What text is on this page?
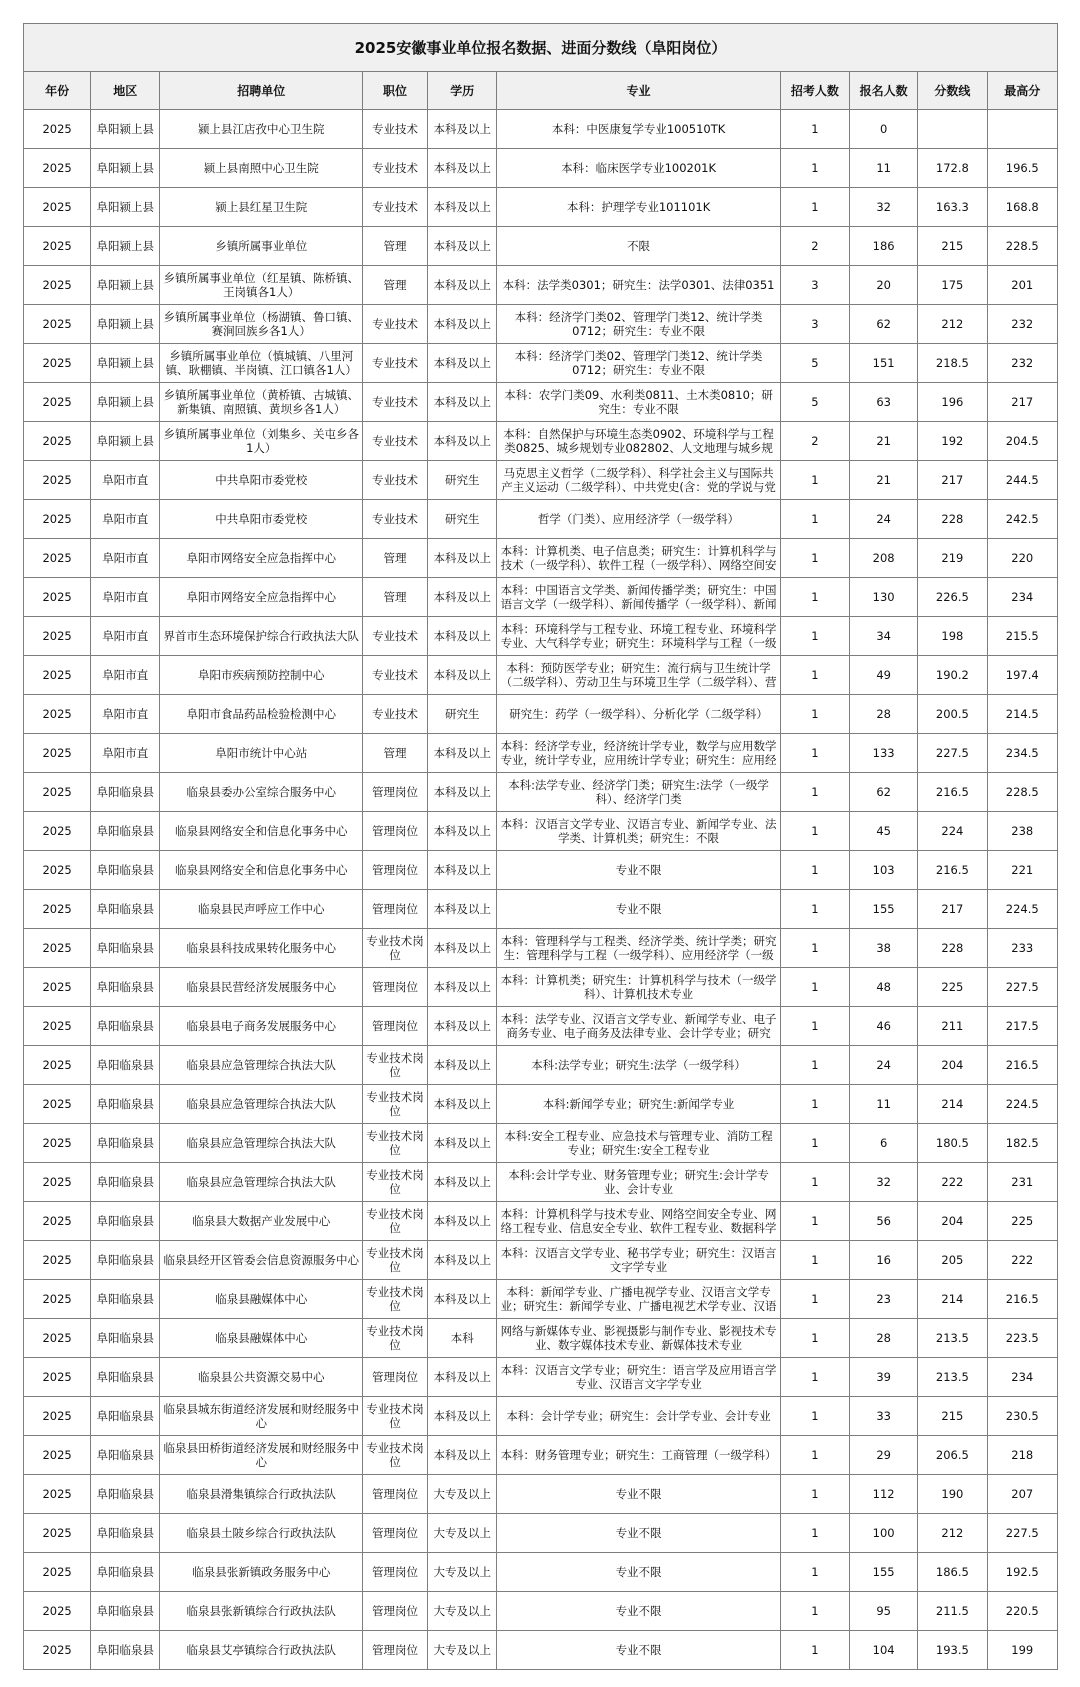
2025安徽事业单位报名数据、进面分数线（阜阳岗位）									
年份	地区	招聘单位	职位	学历	专业	招考人数	报名人数	分数线	最高分

2025	阜阳颍上县	颍上县江店孜中心卫生院	专业技术	本科及以上	本科：中医康复学专业100510TK	1	0		

2025	阜阳颍上县	颍上县南照中心卫生院	专业技术	本科及以上	本科：临床医学专业100201K	1	11	172.8	196.5

2025	阜阳颍上县	颍上县红星卫生院	专业技术	本科及以上	本科：护理学专业101101K	1	32	163.3	168.8

2025	阜阳颍上县	乡镇所属事业单位	管理	本科及以上	不限	2	186	215	228.5

2025	阜阳颍上县	乡镇所属事业单位（红星镇、陈桥镇、王岗镇各1人）	管理	本科及以上	本科：法学类0301；研究生：法学0301、法律0351	3	20	175	201

2025	阜阳颍上县	乡镇所属事业单位（杨湖镇、鲁口镇、赛涧回族乡各1人）	专业技术	本科及以上	本科：经济学门类02、管理学门类12、统计学类0712；研究生：专业不限	3	62	212	232

2025	阜阳颍上县	乡镇所属事业单位（慎城镇、八里河镇、耿棚镇、半岗镇、江口镇各1人）	专业技术	本科及以上	本科：经济学门类02、管理学门类12、统计学类0712；研究生：专业不限	5	151	218.5	232

2025	阜阳颍上县	乡镇所属事业单位（黄桥镇、古城镇、新集镇、南照镇、黄坝乡各1人）	专业技术	本科及以上	本科：农学门类09、水利类0811、土木类0810；研究生：专业不限	5	63	196	217

2025	阜阳颍上县	乡镇所属事业单位（刘集乡、关屯乡各1人）	专业技术	本科及以上	本科：自然保护与环境生态类0902、环境科学与工程类0825、城乡规划专业082802、人文地理与城乡规	2	21	192	204.5

2025	阜阳市直	中共阜阳市委党校	专业技术	研究生	马克思主义哲学（二级学科）、科学社会主义与国际共产主义运动（二级学科）、中共党史(含：党的学说与党	1	21	217	244.5

2025	阜阳市直	中共阜阳市委党校	专业技术	研究生	哲学（门类）、应用经济学（一级学科）	1	24	228	242.5

2025	阜阳市直	阜阳市网络安全应急指挥中心	管理	本科及以上	本科：计算机类、电子信息类；研究生：计算机科学与技术（一级学科）、软件工程（一级学科）、网络空间安	1	208	219	220

2025	阜阳市直	阜阳市网络安全应急指挥中心	管理	本科及以上	本科：中国语言文学类、新闻传播学类；研究生：中国语言文学（一级学科）、新闻传播学（一级学科）、新闻	1	130	226.5	234

2025	阜阳市直	界首市生态环境保护综合行政执法大队	专业技术	本科及以上	本科：环境科学与工程专业、环境工程专业、环境科学专业、大气科学专业；研究生：环境科学与工程（一级	1	34	198	215.5

2025	阜阳市直	阜阳市疾病预防控制中心	专业技术	本科及以上	本科：预防医学专业；研究生：流行病与卫生统计学（二级学科）、劳动卫生与环境卫生学（二级学科）、营	1	49	190.2	197.4

2025	阜阳市直	阜阳市食品药品检验检测中心	专业技术	研究生	研究生：药学（一级学科）、分析化学（二级学科）	1	28	200.5	214.5

2025	阜阳市直	阜阳市统计中心站	管理	本科及以上	本科：经济学专业，经济统计学专业，数学与应用数学专业，统计学专业，应用统计学专业；研究生：应用经	1	133	227.5	234.5

2025	阜阳临泉县	临泉县委办公室综合服务中心	管理岗位	本科及以上	本科:法学专业、经济学门类；研究生:法学（一级学科）、经济学门类	1	62	216.5	228.5

2025	阜阳临泉县	临泉县网络安全和信息化事务中心	管理岗位	本科及以上	本科：汉语言文学专业、汉语言专业、新闻学专业、法学类、计算机类；研究生：不限	1	45	224	238

2025	阜阳临泉县	临泉县网络安全和信息化事务中心	管理岗位	本科及以上	专业不限	1	103	216.5	221

2025	阜阳临泉县	临泉县民声呼应工作中心	管理岗位	本科及以上	专业不限	1	155	217	224.5

2025	阜阳临泉县	临泉县科技成果转化服务中心	专业技术岗位	本科及以上	本科：管理科学与工程类、经济学类、统计学类；研究生：管理科学与工程（一级学科）、应用经济学（一级	1	38	228	233

2025	阜阳临泉县	临泉县民营经济发展服务中心	管理岗位	本科及以上	本科：计算机类；研究生：计算机科学与技术（一级学科）、计算机技术专业	1	48	225	227.5

2025	阜阳临泉县	临泉县电子商务发展服务中心	管理岗位	本科及以上	本科：法学专业、汉语言文学专业、新闻学专业、电子商务专业、电子商务及法律专业、会计学专业；研究	1	46	211	217.5

2025	阜阳临泉县	临泉县应急管理综合执法大队	专业技术岗位	本科及以上	本科:法学专业；研究生:法学（一级学科）	1	24	204	216.5

2025	阜阳临泉县	临泉县应急管理综合执法大队	专业技术岗位	本科及以上	本科:新闻学专业；研究生:新闻学专业	1	11	214	224.5

2025	阜阳临泉县	临泉县应急管理综合执法大队	专业技术岗位	本科及以上	本科:安全工程专业、应急技术与管理专业、消防工程专业；研究生:安全工程专业	1	6	180.5	182.5

2025	阜阳临泉县	临泉县应急管理综合执法大队	专业技术岗位	本科及以上	本科:会计学专业、财务管理专业；研究生:会计学专业、会计专业	1	32	222	231

2025	阜阳临泉县	临泉县大数据产业发展中心	专业技术岗位	本科及以上	本科：计算机科学与技术专业、网络空间安全专业、网络工程专业、信息安全专业、软件工程专业、数据科学	1	56	204	225

2025	阜阳临泉县	临泉县经开区管委会信息资源服务中心	专业技术岗位	本科及以上	本科：汉语言文学专业、秘书学专业；研究生：汉语言文字学专业	1	16	205	222

2025	阜阳临泉县	临泉县融媒体中心	专业技术岗位	本科及以上	本科：新闻学专业、广播电视学专业、汉语言文学专业；研究生：新闻学专业、广播电视艺术学专业、汉语	1	23	214	216.5

2025	阜阳临泉县	临泉县融媒体中心	专业技术岗位	本科	网络与新媒体专业、影视摄影与制作专业、影视技术专业、数字媒体技术专业、新媒体技术专业	1	28	213.5	223.5

2025	阜阳临泉县	临泉县公共资源交易中心	管理岗位	本科及以上	本科：汉语言文学专业；研究生：语言学及应用语言学专业、汉语言文字学专业	1	39	213.5	234

2025	阜阳临泉县	临泉县城东街道经济发展和财经服务中心	专业技术岗位	本科及以上	本科：会计学专业；研究生：会计学专业、会计专业	1	33	215	230.5

2025	阜阳临泉县	临泉县田桥街道经济发展和财经服务中心	专业技术岗位	本科及以上	本科：财务管理专业；研究生：工商管理（一级学科）	1	29	206.5	218

2025	阜阳临泉县	临泉县滑集镇综合行政执法队	管理岗位	大专及以上	专业不限	1	112	190	207

2025	阜阳临泉县	临泉县土陂乡综合行政执法队	管理岗位	大专及以上	专业不限	1	100	212	227.5

2025	阜阳临泉县	临泉县张新镇政务服务中心	管理岗位	大专及以上	专业不限	1	155	186.5	192.5

2025	阜阳临泉县	临泉县张新镇综合行政执法队	管理岗位	大专及以上	专业不限	1	95	211.5	220.5

2025	阜阳临泉县	临泉县艾亭镇综合行政执法队	管理岗位	大专及以上	专业不限	1	104	193.5	199
